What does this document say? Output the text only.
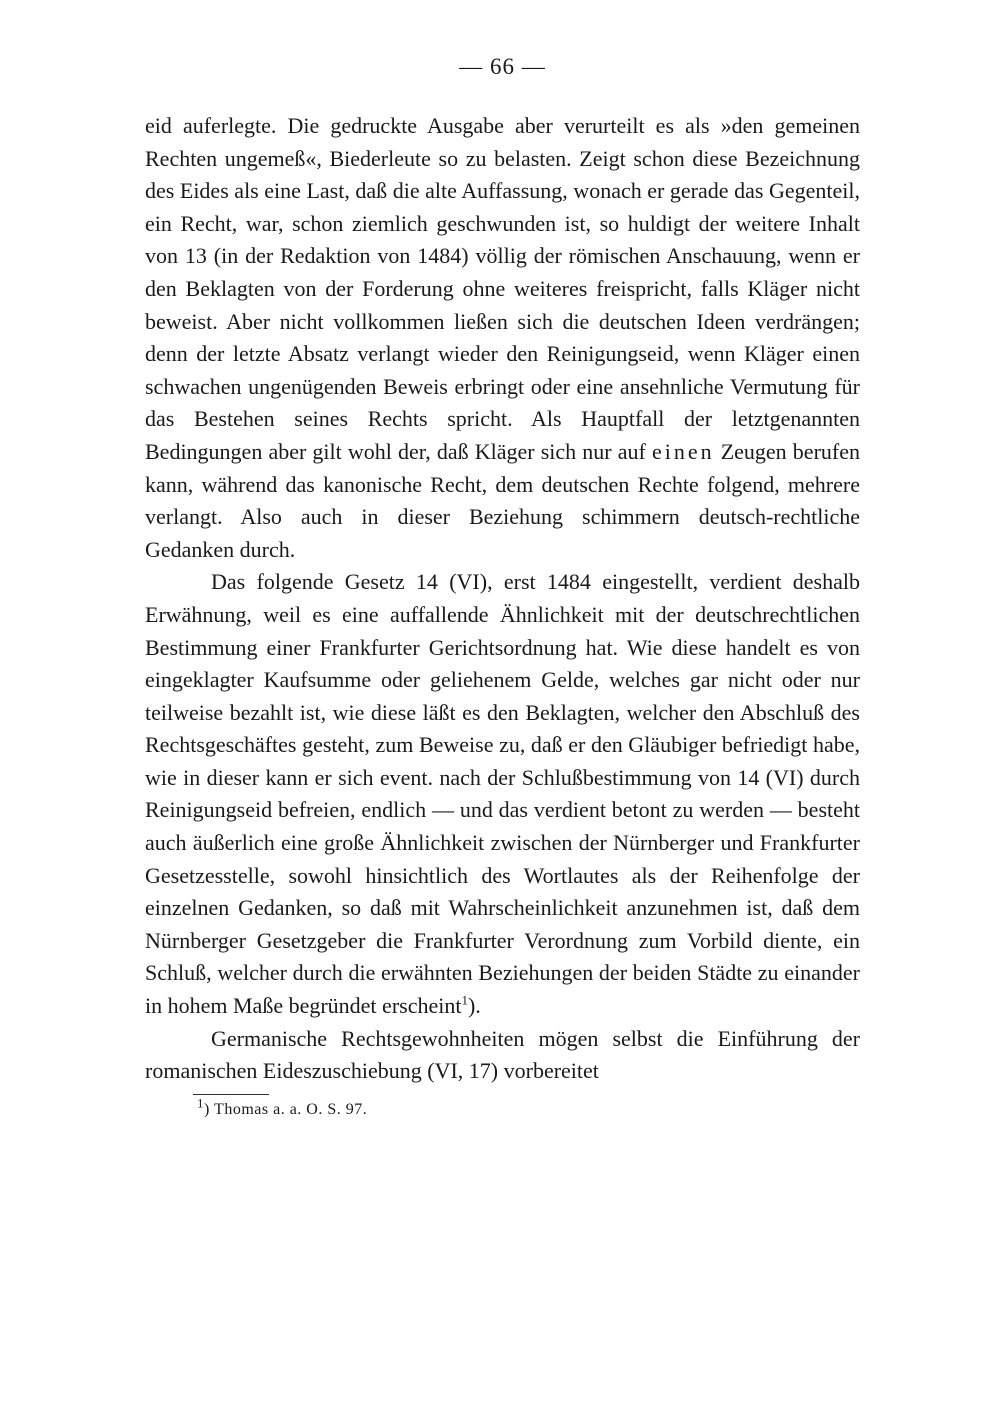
— 66 —

eid auferlegte. Die gedruckte Ausgabe aber verurteilt es als »den gemeinen Rechten ungemeß«, Biederleute so zu belasten. Zeigt schon diese Bezeichnung des Eides als eine Last, daß die alte Auffassung, wonach er gerade das Gegenteil, ein Recht, war, schon ziemlich geschwunden ist, so huldigt der weitere Inhalt von 13 (in der Redaktion von 1484) völlig der römischen Anschauung, wenn er den Beklagten von der Forderung ohne weiteres freispricht, falls Kläger nicht beweist. Aber nicht vollkommen ließen sich die deutschen Ideen verdrängen; denn der letzte Absatz verlangt wieder den Reinigungseid, wenn Kläger einen schwachen ungenügenden Beweis erbringt oder eine ansehnliche Vermutung für das Bestehen seines Rechts spricht. Als Hauptfall der letztgenannten Bedingungen aber gilt wohl der, daß Kläger sich nur auf einen Zeugen berufen kann, während das kanonische Recht, dem deutschen Rechte folgend, mehrere verlangt. Also auch in dieser Beziehung schimmern deutsch-rechtliche Gedanken durch.

Das folgende Gesetz 14 (VI), erst 1484 eingestellt, verdient deshalb Erwähnung, weil es eine auffallende Ähnlichkeit mit der deutschrechtlichen Bestimmung einer Frankfurter Gerichtsordnung hat. Wie diese handelt es von eingeklagter Kaufsumme oder geliehenem Gelde, welches gar nicht oder nur teilweise bezahlt ist, wie diese läßt es den Beklagten, welcher den Abschluß des Rechtsgeschäftes gesteht, zum Beweise zu, daß er den Gläubiger befriedigt habe, wie in dieser kann er sich event. nach der Schlußbestimmung von 14 (VI) durch Reinigungseid befreien, endlich — und das verdient betont zu werden — besteht auch äußerlich eine große Ähnlichkeit zwischen der Nürnberger und Frankfurter Gesetzesstelle, sowohl hinsichtlich des Wortlautes als der Reihenfolge der einzelnen Gedanken, so daß mit Wahrscheinlichkeit anzunehmen ist, daß dem Nürnberger Gesetzgeber die Frankfurter Verordnung zum Vorbild diente, ein Schluß, welcher durch die erwähnten Beziehungen der beiden Städte zu einander in hohem Maße begründet erscheint$^1$).

Germanische Rechtsgewohnheiten mögen selbst die Einführung der romanischen Eideszuschiebung (VI, 17) vorbereitet

$^1$) Thomas a. a. O. S. 97.
